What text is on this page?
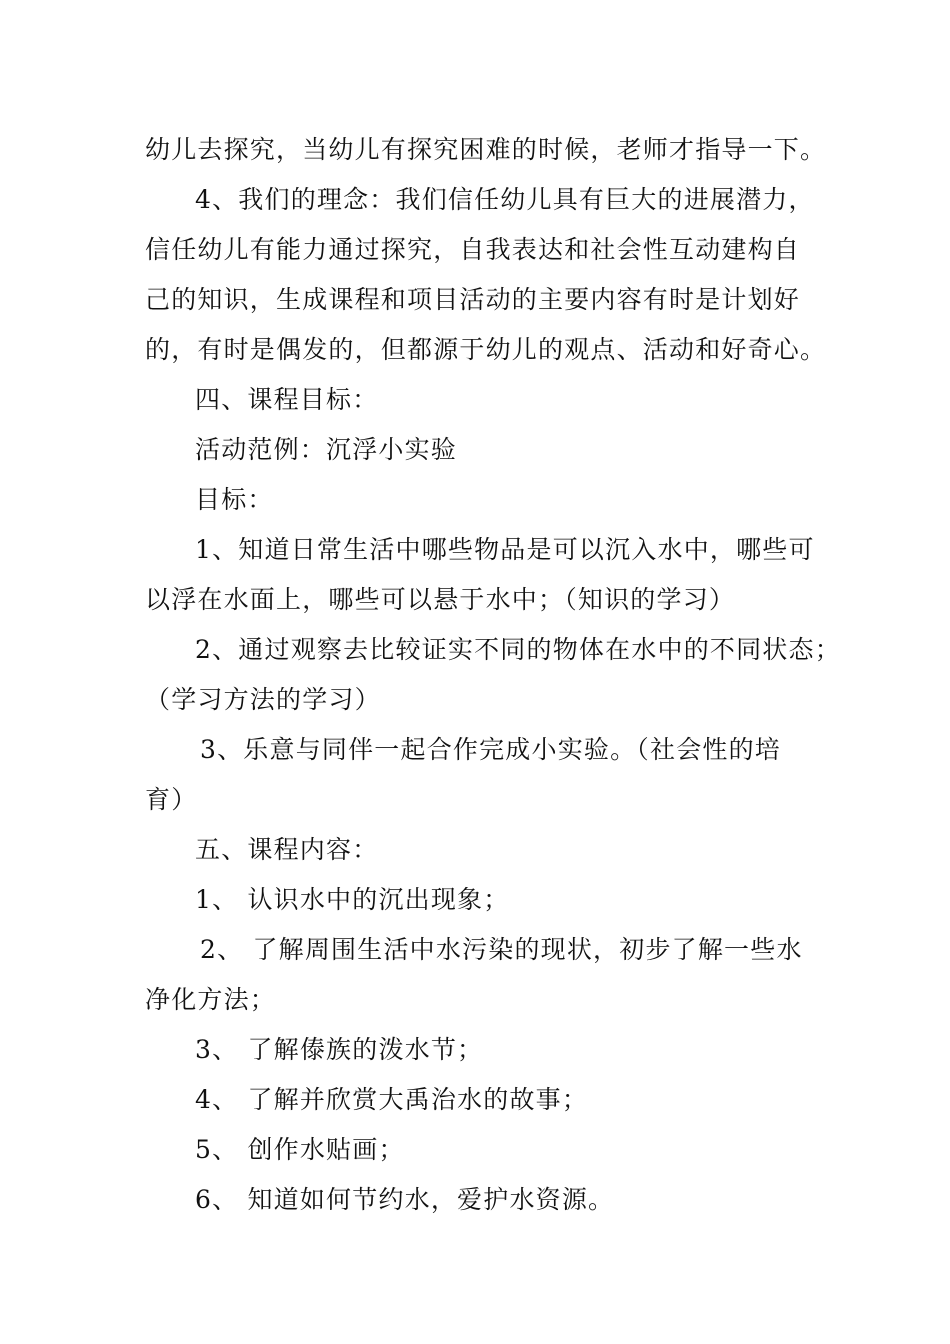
幼儿去探究，当幼儿有探究困难的时候，老师才指导一下。
4、我们的理念：我们信任幼儿具有巨大的进展潜力，
信任幼儿有能力通过探究，自我表达和社会性互动建构自
己的知识，生成课程和项目活动的主要内容有时是计划好
的，有时是偶发的，但都源于幼儿的观点、活动和好奇心。
四、课程目标：
活动范例：沉浮小实验
目标：
1、知道日常生活中哪些物品是可以沉入水中，哪些可
以浮在水面上，哪些可以悬于水中；（知识的学习）
2、通过观察去比较证实不同的物体在水中的不同状态；
（学习方法的学习）
3、乐意与同伴一起合作完成小实验。（社会性的培
育）
五、课程内容：
1、 认识水中的沉出现象；
2、 了解周围生活中水污染的现状，初步了解一些水
净化方法；
3、 了解傣族的泼水节；
4、 了解并欣赏大禹治水的故事；
5、 创作水贴画；
6、 知道如何节约水，爱护水资源。
